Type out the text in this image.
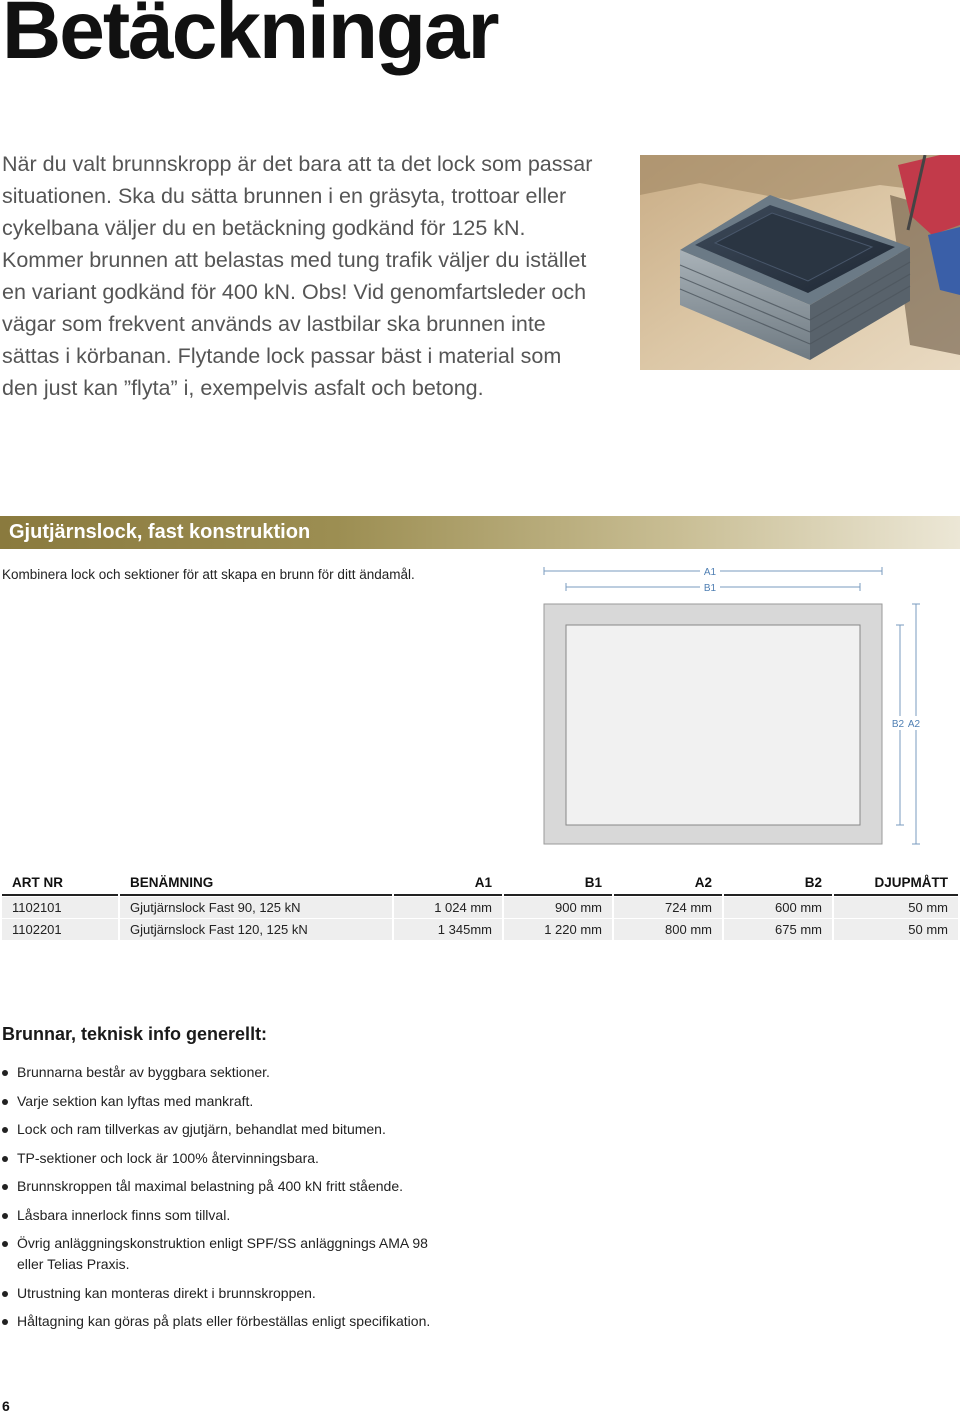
Betäckningar

När du valt brunnskropp är det bara att ta det lock som passar situationen. Ska du sätta brunnen i en gräsyta, trottoar eller cykelbana väljer du en betäckning godkänd för 125 kN. Kommer brunnen att belastas med tung trafik väljer du istället en variant godkänd för 400 kN. Obs! Vid genomfartsleder och vägar som frekvent används av lastbilar ska brunnen inte sättas i körbanan. Flytande lock passar bäst i material som den just kan ”flyta” i, exempelvis asfalt och betong.

Gjutjärnslock, fast konstruktion
Kombinera lock och sektioner för att skapa en brunn för ditt ändamål.	A1
B1
B2 A2
ART NR	BENÄMNING	A1	B1	A2	B2	DJUPMÅTT
1102101	Gjutjärnslock Fast 90, 125 kN	1 024 mm	900 mm	724 mm	600 mm	50 mm
1102201	Gjutjärnslock Fast 120, 125 kN	1 345mm	1 220 mm	800 mm	675 mm	50 mm
Brunnar, teknisk info generellt:
Brunnarna består av byggbara sektioner.
Varje sektion kan lyftas med mankraft.
Lock och ram tillverkas av gjutjärn, behandlat med bitumen.
TP-sektioner och lock är 100% återvinningsbara.
Brunnskroppen tål maximal belastning på 400 kN fritt stående.
Låsbara innerlock finns som tillval.
Övrig anläggningskonstruktion enligt SPF/SS anläggnings AMA 98
eller Telias Praxis.
Utrustning kan monteras direkt i brunnskroppen.
Håltagning kan göras på plats eller förbeställas enligt specifikation.
6
